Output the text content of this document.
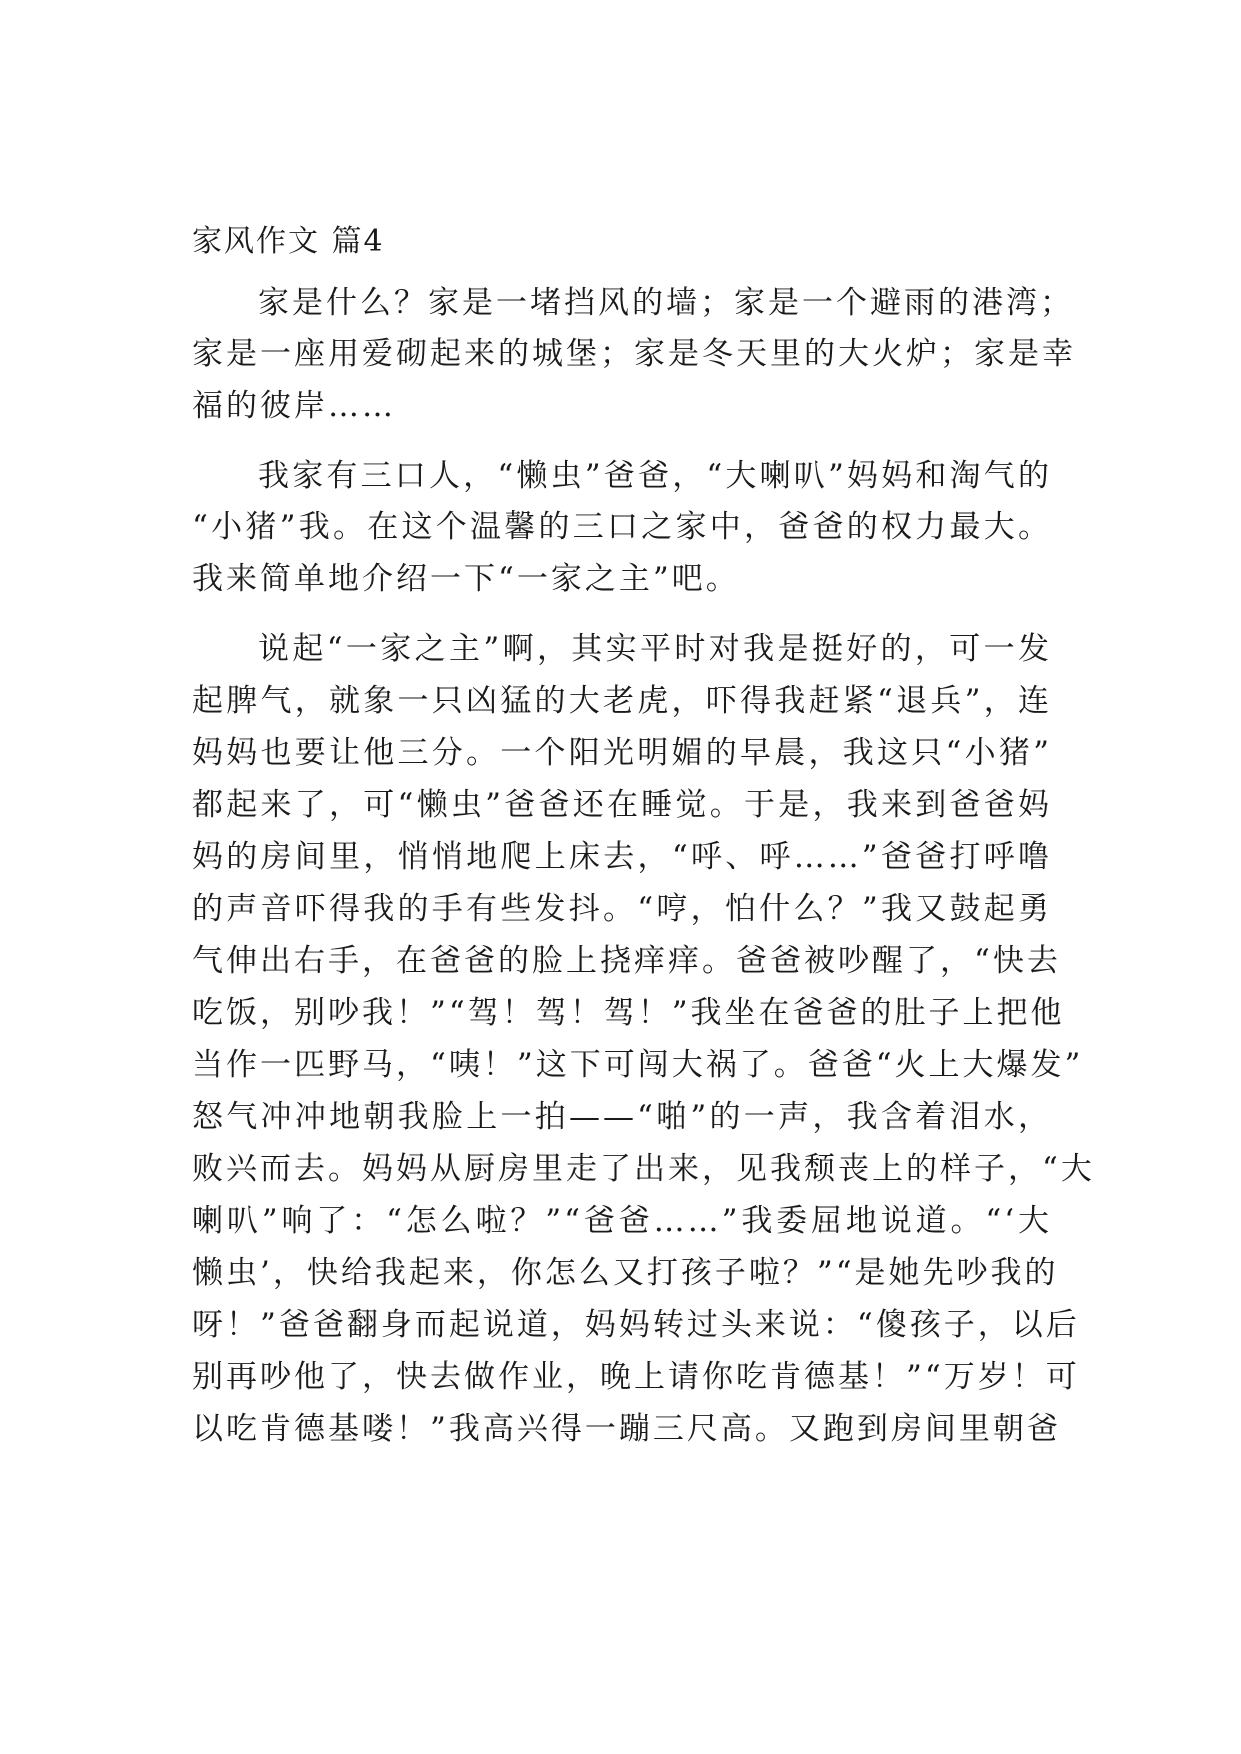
家风作文 篇4
家是什么？家是一堵挡风的墙；家是一个避雨的港湾；
家是一座用爱砌起来的城堡；家是冬天里的大火炉；家是幸
福的彼岸……
我家有三口人，“懒虫”爸爸，“大喇叭”妈妈和淘气的
“小猪”我。在这个温馨的三口之家中，爸爸的权力最大。
我来简单地介绍一下“一家之主”吧。
说起“一家之主”啊，其实平时对我是挺好的，可一发
起脾气，就象一只凶猛的大老虎，吓得我赶紧“退兵”，连
妈妈也要让他三分。一个阳光明媚的早晨，我这只“小猪”
都起来了，可“懒虫”爸爸还在睡觉。于是，我来到爸爸妈
妈的房间里，悄悄地爬上床去，“呼、呼……”爸爸打呼噜
的声音吓得我的手有些发抖。“哼，怕什么？”我又鼓起勇
气伸出右手，在爸爸的脸上挠痒痒。爸爸被吵醒了，“快去
吃饭，别吵我！”“驾！驾！驾！”我坐在爸爸的肚子上把他
当作一匹野马，“咦！”这下可闯大祸了。爸爸“火上大爆发”
怒气冲冲地朝我脸上一拍——“啪”的一声，我含着泪水，
败兴而去。妈妈从厨房里走了出来，见我颓丧上的样子，“大
喇叭”响了：“怎么啦？”“爸爸……”我委屈地说道。“‘大
懒虫’，快给我起来，你怎么又打孩子啦？”“是她先吵我的
呀！”爸爸翻身而起说道，妈妈转过头来说：“傻孩子，以后
别再吵他了，快去做作业，晚上请你吃肯德基！”“万岁！可
以吃肯德基喽！”我高兴得一蹦三尺高。又跑到房间里朝爸
